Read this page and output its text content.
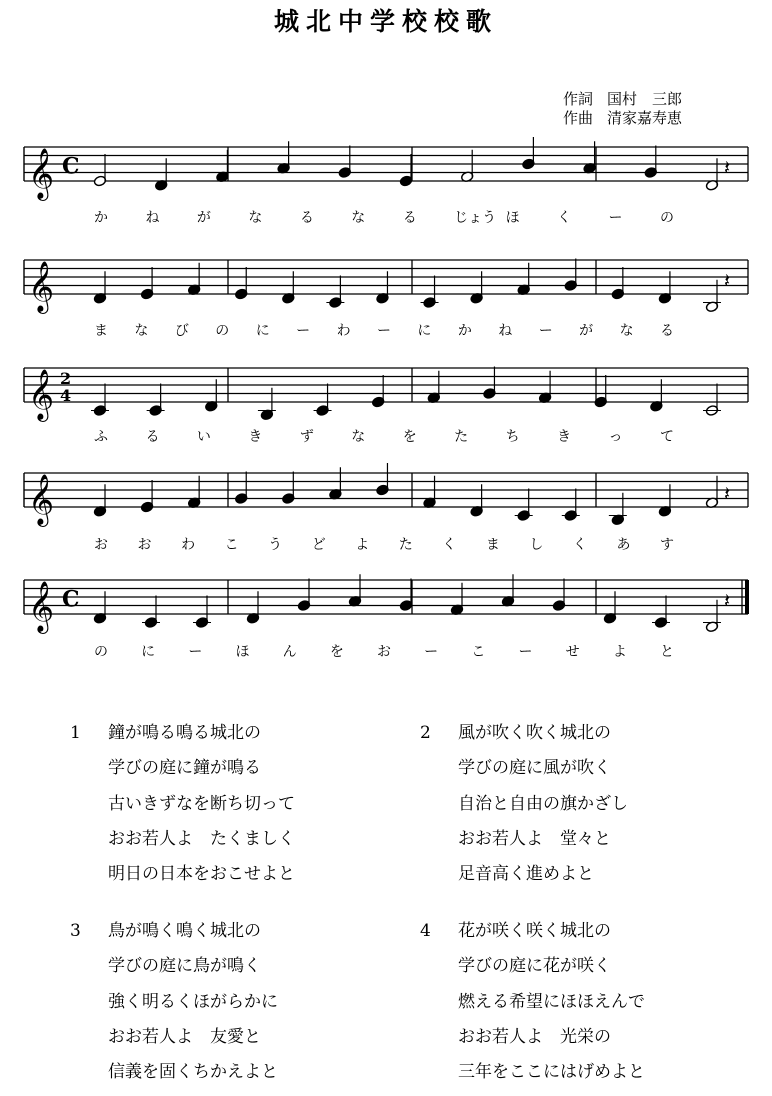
城北中学校校歌
作詞 国村　三郎
作曲 清家嘉寿恵
𝄞 C	𝄽
か	ね	が	な	る	な	る	じょう ほ	く	ー	の
𝄞	𝄽
ま な び の に ー わ ー に か ね ー が な る
𝄞 2
4
ふ	る	い	き	ず	な	を	た	ち	き	っ	て
𝄞	𝄽
お お わ こ う ど よ た く ま し く あ す
𝄞 C	𝄽
の に ー ほ ん を お ー こ ー せ よ と
1 鐘が鳴る鳴る城北の
学びの庭に鐘が鳴る
古いきずなを断ち切って
おお若人よ　たくましく
明日の日本をおこせよと
2 風が吹く吹く城北の
学びの庭に風が吹く
自治と自由の旗かざし
おお若人よ　堂々と
足音高く進めよと
3 鳥が鳴く鳴く城北の
学びの庭に鳥が鳴く
強く明るくほがらかに
おお若人よ　友愛と
信義を固くちかえよと
4 花が咲く咲く城北の
学びの庭に花が咲く
燃える希望にほほえんで
おお若人よ　光栄の
三年をここにはげめよと
